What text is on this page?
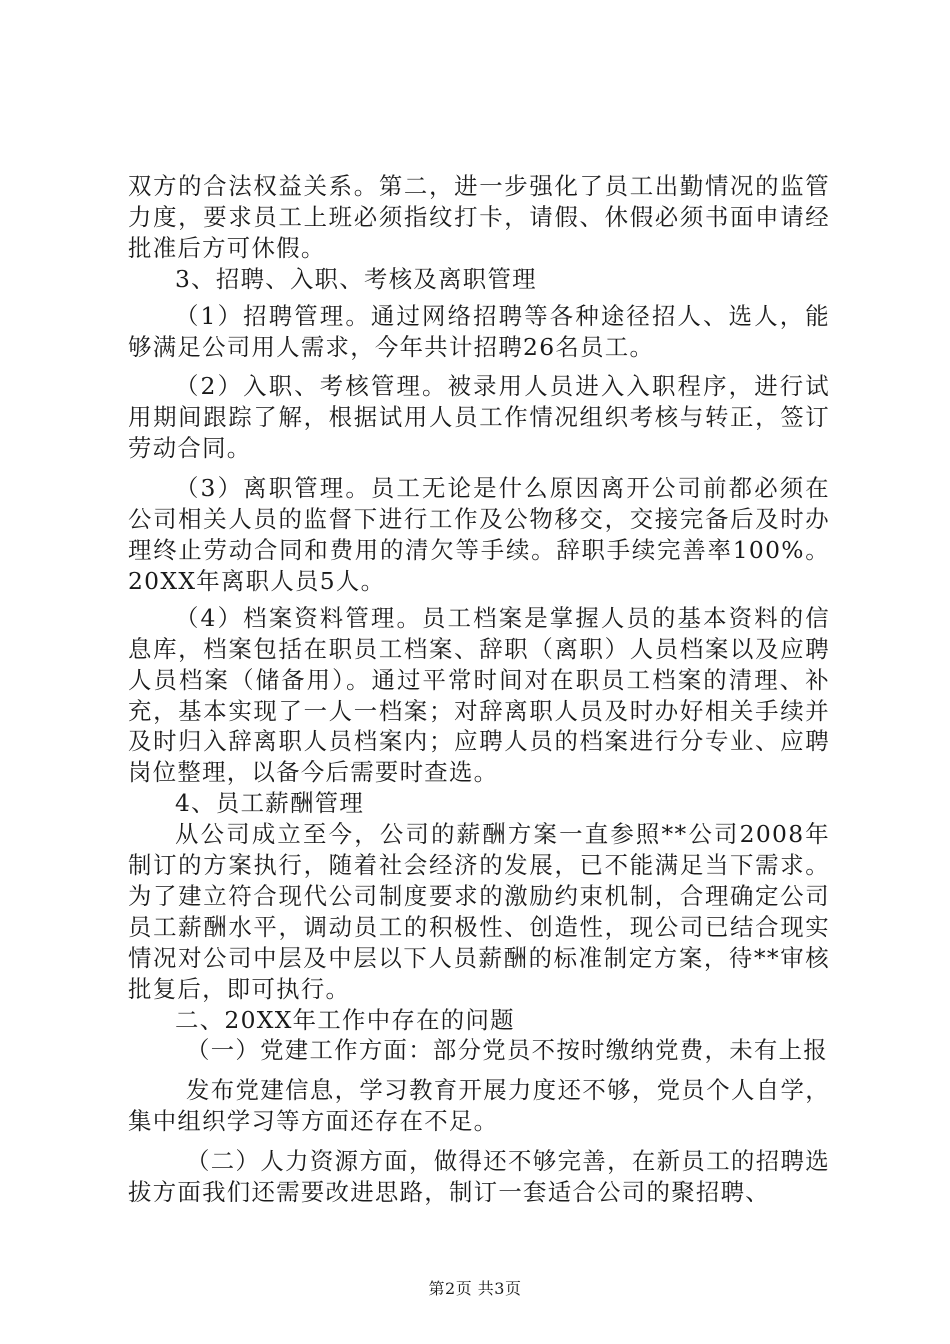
双方的合法权益关系。第二，进一步强化了员工出勤情况的监管力度，要求员工上班必须指纹打卡，请假、休假必须书面申请经批准后方可休假。

3、招聘、入职、考核及离职管理

（1）招聘管理。通过网络招聘等各种途径招人、选人，能够满足公司用人需求，今年共计招聘26名员工。

（2）入职、考核管理。被录用人员进入入职程序，进行试用期间跟踪了解，根据试用人员工作情况组织考核与转正，签订劳动合同。

（3）离职管理。员工无论是什么原因离开公司前都必须在公司相关人员的监督下进行工作及公物移交，交接完备后及时办理终止劳动合同和费用的清欠等手续。辞职手续完善率100%。20XX年离职人员5人。

（4）档案资料管理。员工档案是掌握人员的基本资料的信息库，档案包括在职员工档案、辞职（离职）人员档案以及应聘人员档案（储备用）。通过平常时间对在职员工档案的清理、补充，基本实现了一人一档案；对辞离职人员及时办好相关手续并及时归入辞离职人员档案内；应聘人员的档案进行分专业、应聘岗位整理，以备今后需要时查选。

4、员工薪酬管理

从公司成立至今，公司的薪酬方案一直参照**公司2008年制订的方案执行，随着社会经济的发展，已不能满足当下需求。为了建立符合现代公司制度要求的激励约束机制，合理确定公司员工薪酬水平，调动员工的积极性、创造性，现公司已结合现实情况对公司中层及中层以下人员薪酬的标准制定方案，待**审核批复后，即可执行。

二、20XX年工作中存在的问题

（一）党建工作方面：部分党员不按时缴纳党费，未有上报

发布党建信息，学习教育开展力度还不够，党员个人自学，集中组织学习等方面还存在不足。

（二）人力资源方面，做得还不够完善，在新员工的招聘选拔方面我们还需要改进思路，制订一套适合公司的聚招聘、

第2页 共3页
